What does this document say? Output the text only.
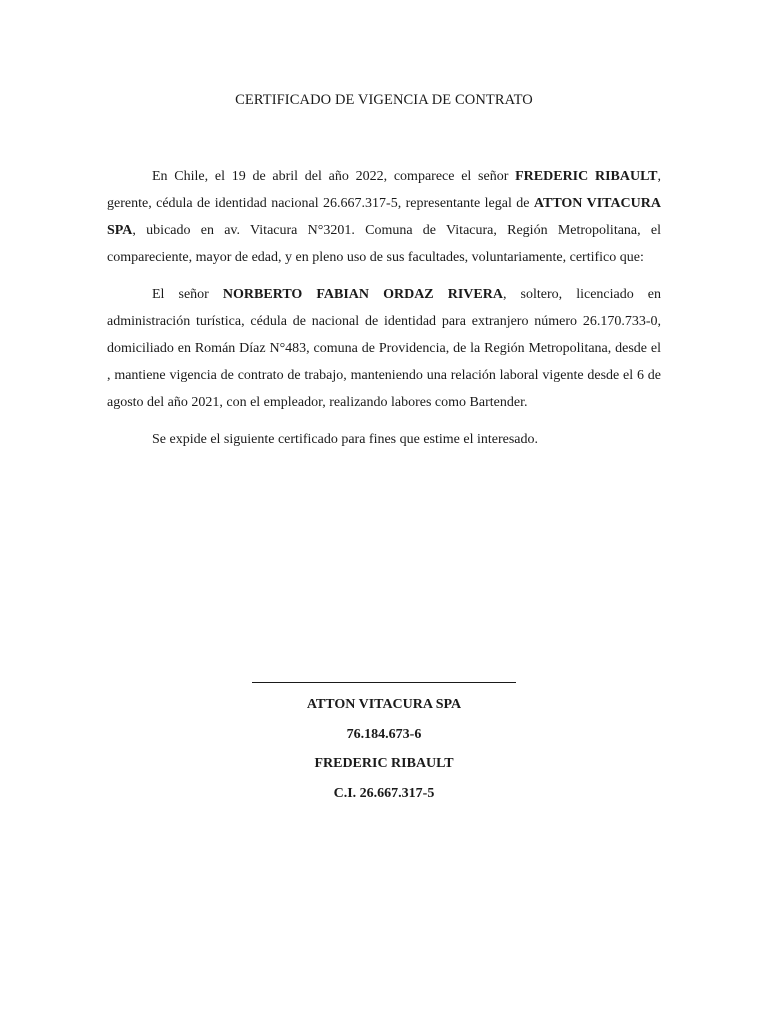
CERTIFICADO DE VIGENCIA DE CONTRATO

En Chile, el 19 de abril del año 2022, comparece el señor FREDERIC RIBAULT, gerente, cédula de identidad nacional 26.667.317-5, representante legal de ATTON VITACURA SPA, ubicado en av. Vitacura N°3201. Comuna de Vitacura, Región Metropolitana, el compareciente, mayor de edad, y en pleno uso de sus facultades, voluntariamente, certifico que:

El señor NORBERTO FABIAN ORDAZ RIVERA, soltero, licenciado en administración turística, cédula de nacional de identidad para extranjero número 26.170.733-0, domiciliado en Román Díaz N°483, comuna de Providencia, de la Región Metropolitana, desde el , mantiene vigencia de contrato de trabajo, manteniendo una relación laboral vigente desde el 6 de agosto del año 2021, con el empleador, realizando labores como Bartender.

Se expide el siguiente certificado para fines que estime el interesado.

ATTON VITACURA SPA
76.184.673-6
FREDERIC RIBAULT
C.I. 26.667.317-5
